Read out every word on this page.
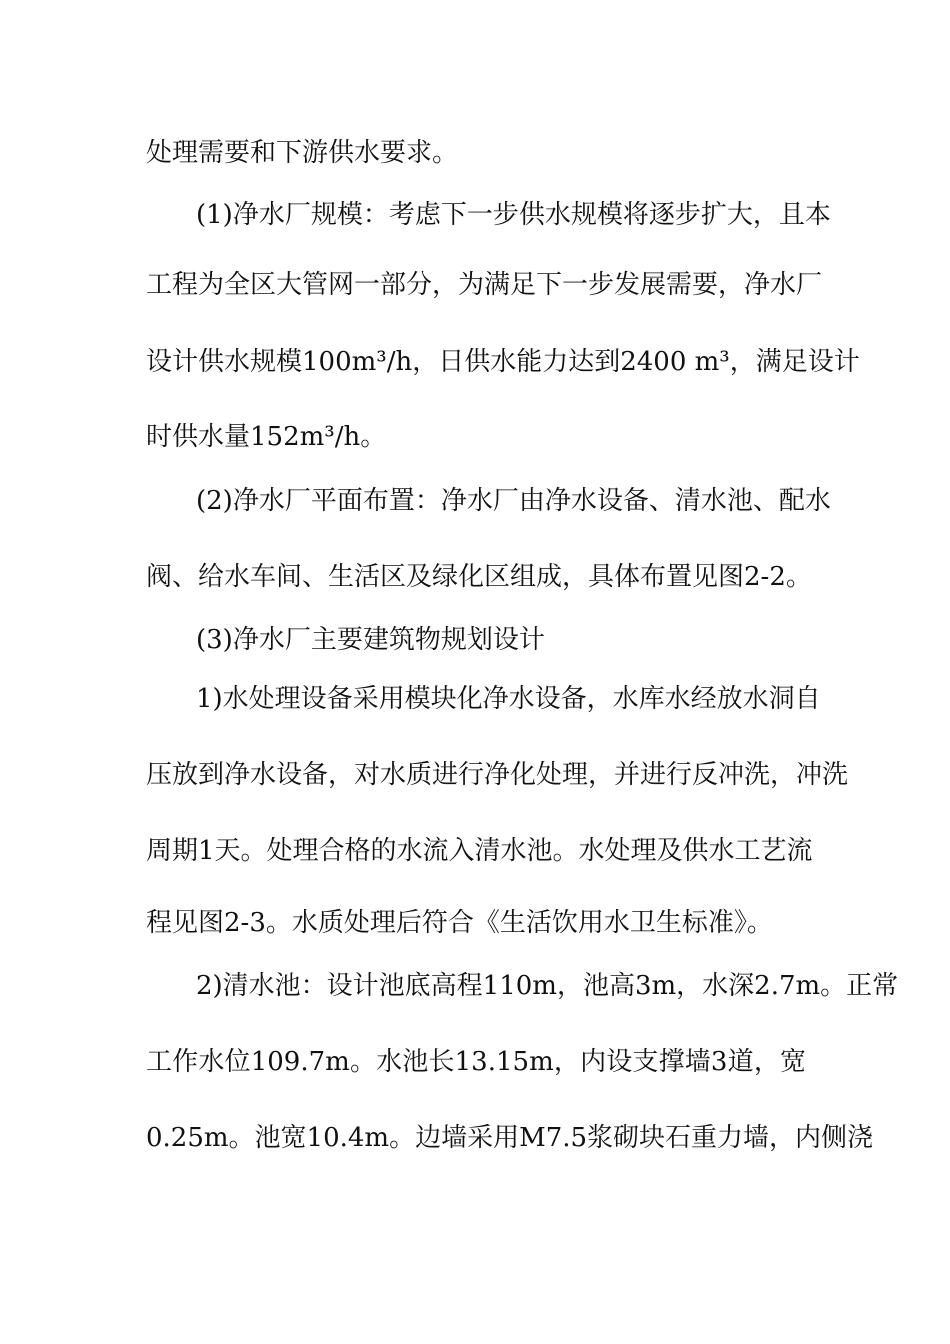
处理需要和下游供水要求。
(1)净水厂规模：考虑下一步供水规模将逐步扩大，且本
工程为全区大管网一部分，为满足下一步发展需要，净水厂
设计供水规模100m³/h，日供水能力达到2400 m³，满足设计
时供水量152m³/h。
(2)净水厂平面布置：净水厂由净水设备、清水池、配水
阀、给水车间、生活区及绿化区组成，具体布置见图2-2。
(3)净水厂主要建筑物规划设计
1)水处理设备采用模块化净水设备，水库水经放水洞自
压放到净水设备，对水质进行净化处理，并进行反冲洗，冲洗
周期1天。处理合格的水流入清水池。水处理及供水工艺流
程见图2-3。水质处理后符合《生活饮用水卫生标准》。
2)清水池：设计池底高程110m，池高3m，水深2.7m。正常
工作水位109.7m。水池长13.15m，内设支撑墙3道，宽
0.25m。池宽10.4m。边墙采用M7.5浆砌块石重力墙，内侧浇
